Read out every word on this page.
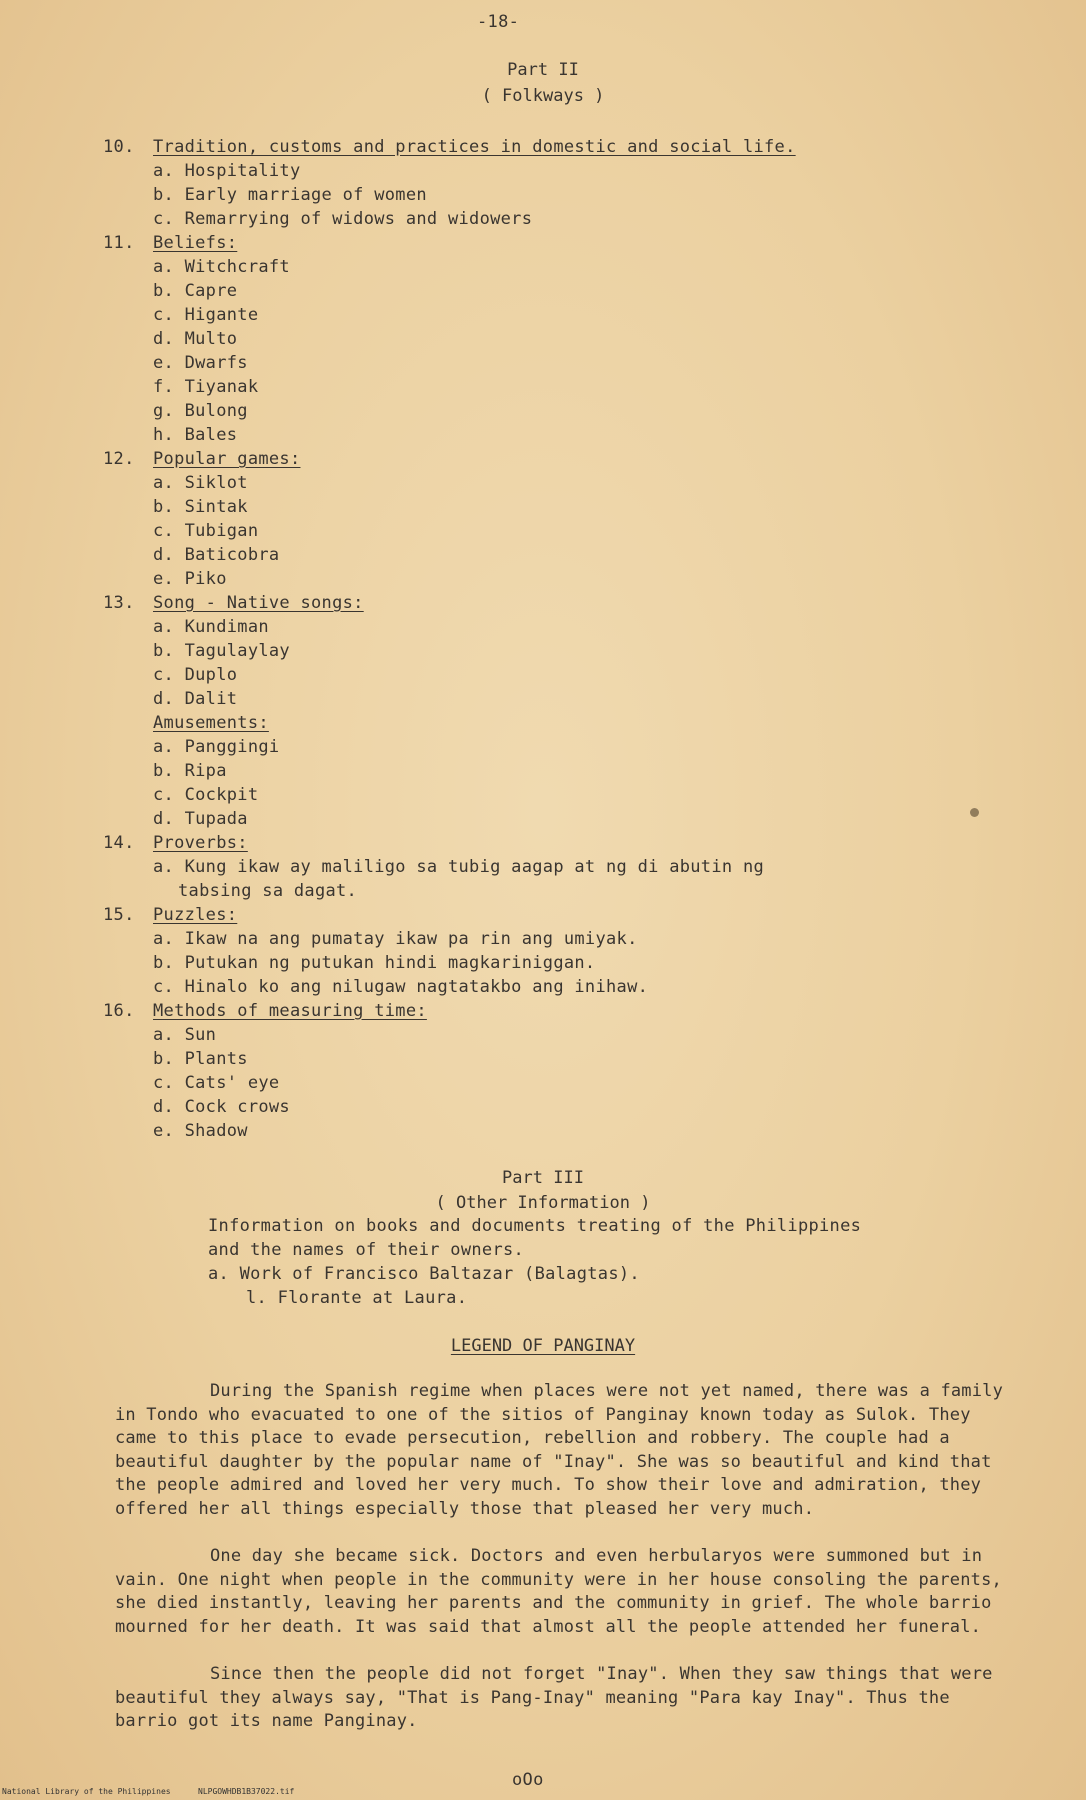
-18-
Part II
( Folkways )
10. Tradition, customs and practices in domestic and social life.
a. Hospitality
b. Early marriage of women
c. Remarrying of widows and widowers
11. Beliefs:
a. Witchcraft
b. Capre
c. Higante
d. Multo
e. Dwarfs
f. Tiyanak
g. Bulong
h. Bales
12. Popular games:
a. Siklot
b. Sintak
c. Tubigan
d. Baticobra
e. Piko
13. Song - Native songs:
a. Kundiman
b. Tagulaylay
c. Duplo
d. Dalit
Amusements:
a. Panggingi
b. Ripa
c. Cockpit
d. Tupada
14. Proverbs:
a. Kung ikaw ay maliligo sa tubig aagap at ng di abutin ng
tabsing sa dagat.
15. Puzzles:
a. Ikaw na ang pumatay ikaw pa rin ang umiyak.
b. Putukan ng putukan hindi magkariniggan.
c. Hinalo ko ang nilugaw nagtatakbo ang inihaw.
16. Methods of measuring time:
a. Sun
b. Plants
c. Cats' eye
d. Cock crows
e. Shadow
Part III
( Other Information )
Information on books and documents treating of the Philippines
and the names of their owners.
a. Work of Francisco Baltazar (Balagtas).
l. Florante at Laura.
LEGEND OF PANGINAY
During the Spanish regime when places were not yet named, there was a family in Tondo who evacuated to one of the sitios of Panginay known today as Sulok. They came to this place to evade persecution, rebellion and robbery. The couple had a beautiful daughter by the popular name of "Inay". She was so beautiful and kind that the people admired and loved her very much. To show their love and admiration, they offered her all things especially those that pleased her very much.
One day she became sick. Doctors and even herbularyos were summoned but in vain. One night when people in the community were in her house consoling the parents, she died instantly, leaving her parents and the community in grief. The whole barrio mourned for her death. It was said that almost all the people attended her funeral.
Since then the people did not forget "Inay". When they saw things that were beautiful they always say, "That is Pang-Inay" meaning "Para kay Inay". Thus the barrio got its name Panginay.
oOo
National Library of the Philippines	NLPGOWHDB1B37022.tif
